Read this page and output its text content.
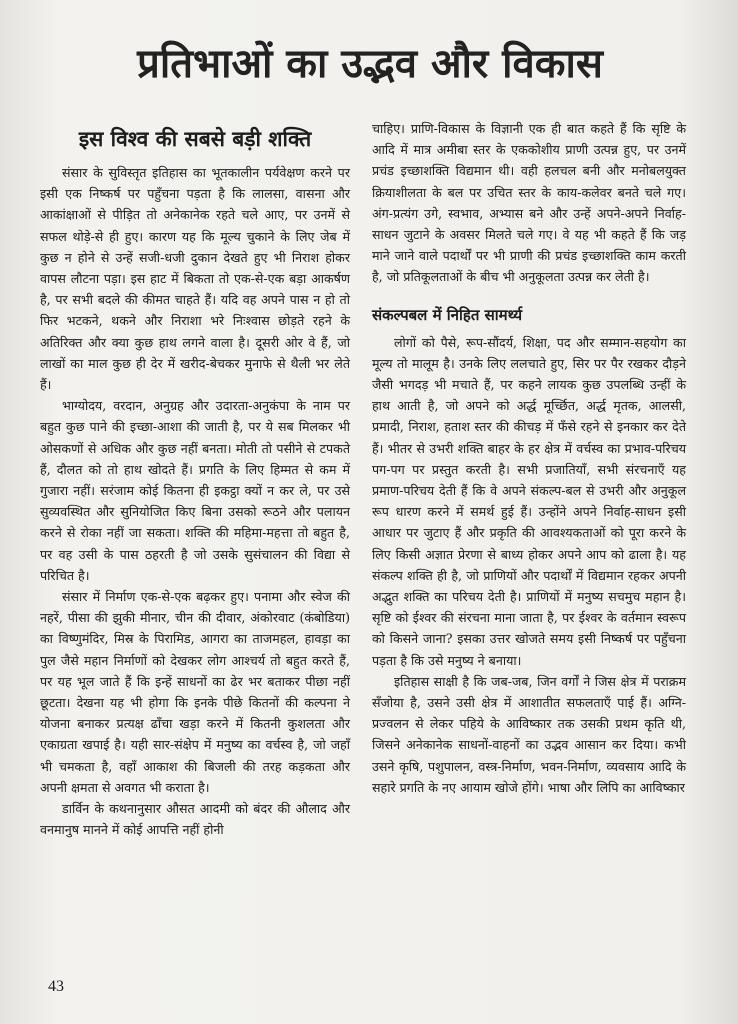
प्रतिभाओं का उद्भव और विकास
इस विश्व की सबसे बड़ी शक्ति

संसार के सुविस्तृत इतिहास का भूतकालीन पर्यवेक्षण करने पर इसी एक निष्कर्ष पर पहुँचना पड़ता है कि लालसा, वासना और आकांक्षाओं से पीड़ित तो अनेकानेक रहते चले आए, पर उनमें से सफल थोड़े-से ही हुए। कारण यह कि मूल्य चुकाने के लिए जेब में कुछ न होने से उन्हें सजी-धजी दुकान देखते हुए भी निराश होकर वापस लौटना पड़ा। इस हाट में बिकता तो एक-से-एक बड़ा आकर्षण है, पर सभी बदले की कीमत चाहते हैं। यदि वह अपने पास न हो तो फिर भटकने, थकने और निराशा भरे निःश्वास छोड़ते रहने के अतिरिक्त और क्या कुछ हाथ लगने वाला है। दूसरी ओर वे हैं, जो लाखों का माल कुछ ही देर में खरीद-बेचकर मुनाफे से थैली भर लेते हैं।

भाग्योदय, वरदान, अनुग्रह और उदारता-अनुकंपा के नाम पर बहुत कुछ पाने की इच्छा-आशा की जाती है, पर ये सब मिलकर भी ओसकणों से अधिक और कुछ नहीं बनता। मोती तो पसीने से टपकते हैं, दौलत को तो हाथ खोदते हैं। प्रगति के लिए हिम्मत से कम में गुजारा नहीं। सरंजाम कोई कितना ही इकट्ठा क्यों न कर ले, पर उसे सुव्यवस्थित और सुनियोजित किए बिना उसको रूठने और पलायन करने से रोका नहीं जा सकता। शक्ति की महिमा-महत्ता तो बहुत है, पर वह उसी के पास ठहरती है जो उसके सुसंचालन की विद्या से परिचित है।

संसार में निर्माण एक-से-एक बढ़कर हुए। पनामा और स्वेज की नहरें, पीसा की झुकी मीनार, चीन की दीवार, अंकोरवाट (कंबोडिया) का विष्णुमंदिर, मिस्र के पिरामिड, आगरा का ताजमहल, हावड़ा का पुल जैसे महान निर्माणों को देखकर लोग आश्चर्य तो बहुत करते हैं, पर यह भूल जाते हैं कि इन्हें साधनों का ढेर भर बताकर पीछा नहीं छूटता। देखना यह भी होगा कि इनके पीछे कितनों की कल्पना ने योजना बनाकर प्रत्यक्ष ढाँचा खड़ा करने में कितनी कुशलता और एकाग्रता खपाई है। यही सार-संक्षेप में मनुष्य का वर्चस्व है, जो जहाँ भी चमकता है, वहाँ आकाश की बिजली की तरह कड़कता और अपनी क्षमता से अवगत भी कराता है।

डार्विन के कथनानुसार औसत आदमी को बंदर की औलाद और वनमानुष मानने में कोई आपत्ति नहीं होनी

चाहिए। प्राणि-विकास के विज्ञानी एक ही बात कहते हैं कि सृष्टि के आदि में मात्र अमीबा स्तर के एककोशीय प्राणी उत्पन्न हुए, पर उनमें प्रचंड इच्छाशक्ति विद्यमान थी। वही हलचल बनी और मनोबलयुक्त क्रियाशीलता के बल पर उचित स्तर के काय-कलेवर बनते चले गए। अंग-प्रत्यंग उगे, स्वभाव, अभ्यास बने और उन्हें अपने-अपने निर्वाह-साधन जुटाने के अवसर मिलते चले गए। वे यह भी कहते हैं कि जड़ माने जाने वाले पदार्थों पर भी प्राणी की प्रचंड इच्छाशक्ति काम करती है, जो प्रतिकूलताओं के बीच भी अनुकूलता उत्पन्न कर लेती है।

संकल्पबल में निहित सामर्थ्य

लोगों को पैसे, रूप-सौंदर्य, शिक्षा, पद और सम्मान-सहयोग का मूल्य तो मालूम है। उनके लिए ललचाते हुए, सिर पर पैर रखकर दौड़ने जैसी भगदड़ भी मचाते हैं, पर कहने लायक कुछ उपलब्धि उन्हीं के हाथ आती है, जो अपने को अर्द्ध मूर्च्छित, अर्द्ध मृतक, आलसी, प्रमादी, निराश, हताश स्तर की कीचड़ में फँसे रहने से इनकार कर देते हैं। भीतर से उभरी शक्ति बाहर के हर क्षेत्र में वर्चस्व का प्रभाव-परिचय पग-पग पर प्रस्तुत करती है। सभी प्रजातियाँ, सभी संरचनाएँ यह प्रमाण-परिचय देती हैं कि वे अपने संकल्प-बल से उभरी और अनुकूल रूप धारण करने में समर्थ हुई हैं। उन्होंने अपने निर्वाह-साधन इसी आधार पर जुटाए हैं और प्रकृति की आवश्यकताओं को पूरा करने के लिए किसी अज्ञात प्रेरणा से बाध्य होकर अपने आप को ढाला है। यह संकल्प शक्ति ही है, जो प्राणियों और पदार्थों में विद्यमान रहकर अपनी अद्भुत शक्ति का परिचय देती है। प्राणियों में मनुष्य सचमुच महान है। सृष्टि को ईश्वर की संरचना माना जाता है, पर ईश्वर के वर्तमान स्वरूप को किसने जाना? इसका उत्तर खोजते समय इसी निष्कर्ष पर पहुँचना पड़ता है कि उसे मनुष्य ने बनाया।

इतिहास साक्षी है कि जब-जब, जिन वर्गों ने जिस क्षेत्र में पराक्रम सँजोया है, उसने उसी क्षेत्र में आशातीत सफलताएँ पाई हैं। अग्नि-प्रज्वलन से लेकर पहिये के आविष्कार तक उसकी प्रथम कृति थी, जिसने अनेकानेक साधनों-वाहनों का उद्भव आसान कर दिया। कभी उसने कृषि, पशुपालन, वस्त्र-निर्माण, भवन-निर्माण, व्यवसाय आदि के सहारे प्रगति के नए आयाम खोजे होंगे। भाषा और लिपि का आविष्कार

43
